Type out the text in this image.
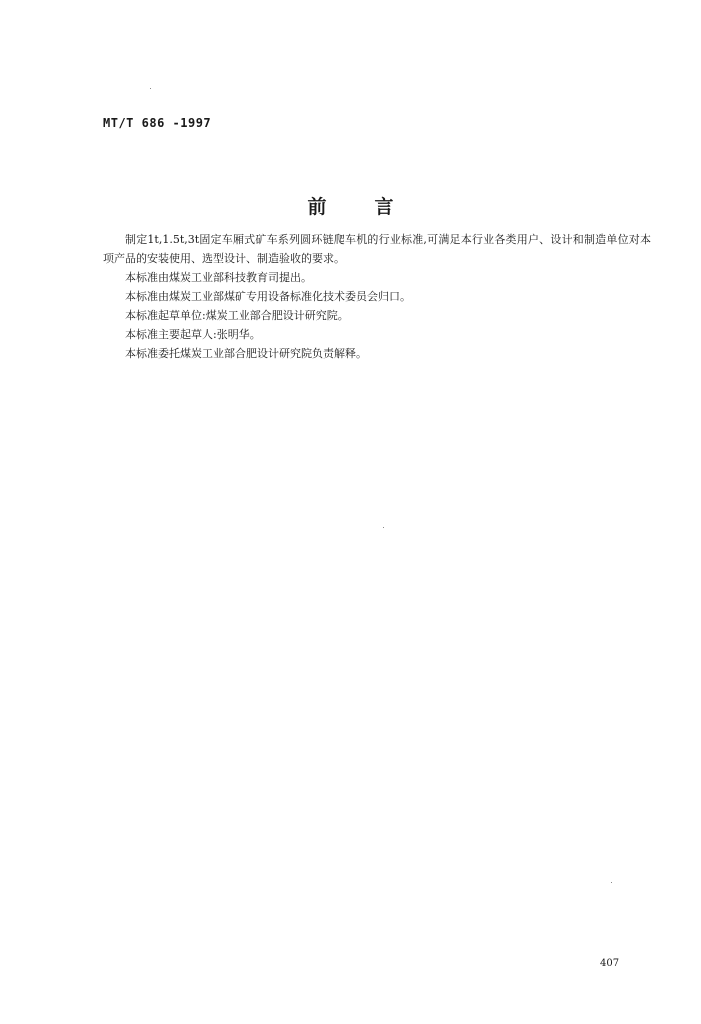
MT/T 686 -1997
前言

制定1t,1.5t,3t固定车厢式矿车系列圆环链爬车机的行业标准,可满足本行业各类用户、设计和制造单位对本项产品的安装使用、选型设计、制造验收的要求。

本标准由煤炭工业部科技教育司提出。

本标准由煤炭工业部煤矿专用设备标准化技术委员会归口。

本标准起草单位:煤炭工业部合肥设计研究院。

本标准主要起草人:张明华。

本标准委托煤炭工业部合肥设计研究院负责解释。

407
